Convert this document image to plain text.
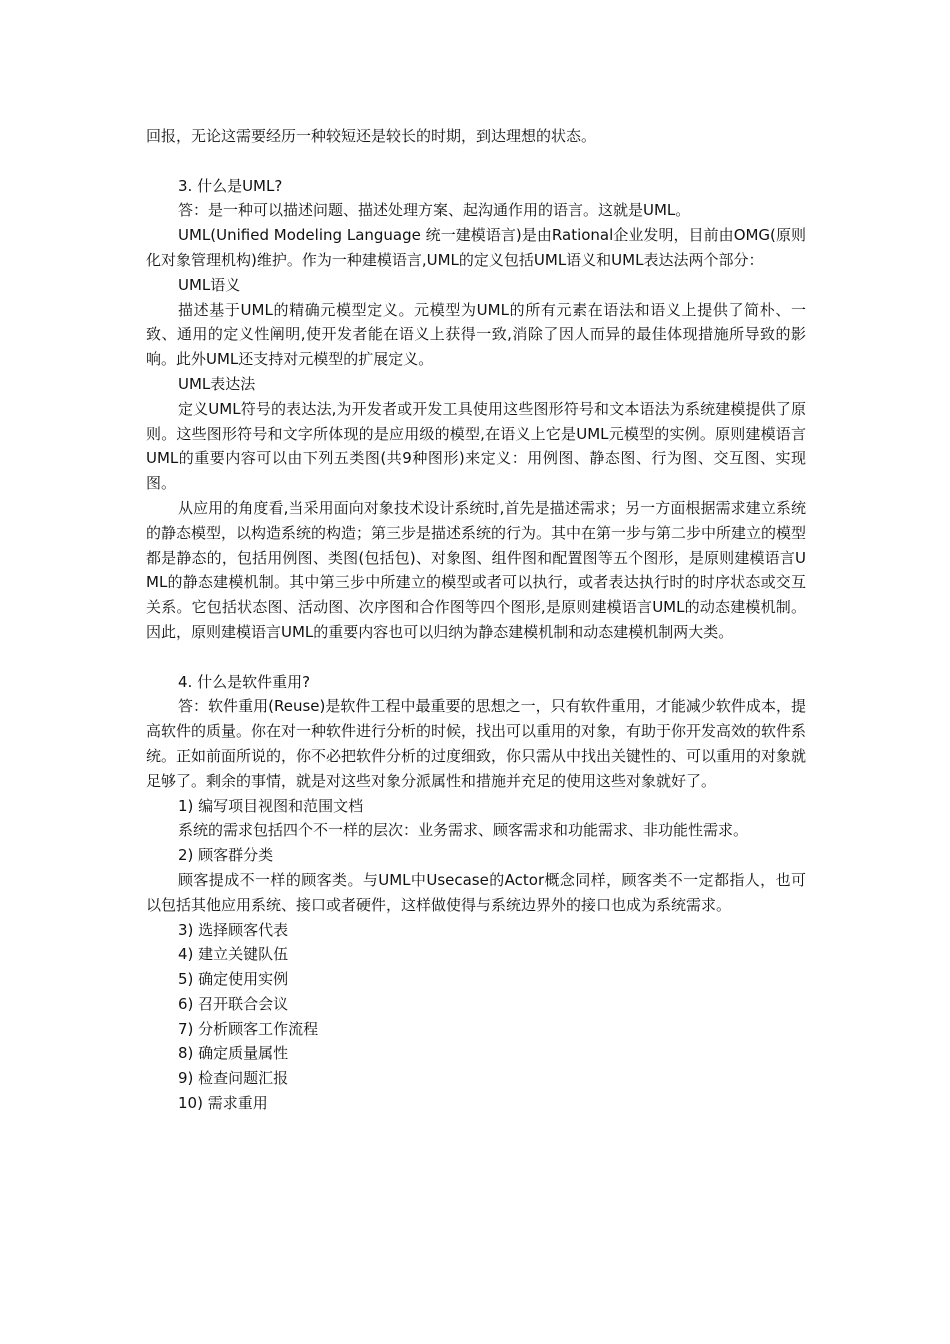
回报，无论这需要经历一种较短还是较长的时期，到达理想的状态。

3. 什么是UML?

答：是一种可以描述问题、描述处理方案、起沟通作用的语言。这就是UML。

UML(Unified Modeling Language 统一建模语言)是由Rational企业发明，目前由OMG(原则化对象管理机构)维护。作为一种建模语言,UML的定义包括UML语义和UML表达法两个部分：

UML语义

描述基于UML的精确元模型定义。元模型为UML的所有元素在语法和语义上提供了简朴、一致、通用的定义性阐明,使开发者能在语义上获得一致,消除了因人而异的最佳体现措施所导致的影响。此外UML还支持对元模型的扩展定义。

UML表达法

定义UML符号的表达法,为开发者或开发工具使用这些图形符号和文本语法为系统建模提供了原则。这些图形符号和文字所体现的是应用级的模型,在语义上它是UML元模型的实例。原则建模语言UML的重要内容可以由下列五类图(共9种图形)来定义：用例图、静态图、行为图、交互图、实现图。

从应用的角度看,当采用面向对象技术设计系统时,首先是描述需求；另一方面根据需求建立系统的静态模型，以构造系统的构造；第三步是描述系统的行为。其中在第一步与第二步中所建立的模型都是静态的，包括用例图、类图(包括包)、对象图、组件图和配置图等五个图形，是原则建模语言UML的静态建模机制。其中第三步中所建立的模型或者可以执行，或者表达执行时的时序状态或交互关系。它包括状态图、活动图、次序图和合作图等四个图形,是原则建模语言UML的动态建模机制。因此，原则建模语言UML的重要内容也可以归纳为静态建模机制和动态建模机制两大类。

4. 什么是软件重用?

答：软件重用(Reuse)是软件工程中最重要的思想之一，只有软件重用，才能减少软件成本，提高软件的质量。你在对一种软件进行分析的时候，找出可以重用的对象，有助于你开发高效的软件系统。正如前面所说的，你不必把软件分析的过度细致，你只需从中找出关键性的、可以重用的对象就足够了。剩余的事情，就是对这些对象分派属性和措施并充足的使用这些对象就好了。

1) 编写项目视图和范围文档

系统的需求包括四个不一样的层次：业务需求、顾客需求和功能需求、非功能性需求。

2) 顾客群分类

顾客提成不一样的顾客类。与UML中Usecase的Actor概念同样，顾客类不一定都指人，也可以包括其他应用系统、接口或者硬件，这样做使得与系统边界外的接口也成为系统需求。

3) 选择顾客代表

4) 建立关键队伍

5) 确定使用实例

6) 召开联合会议

7) 分析顾客工作流程

8) 确定质量属性

9) 检查问题汇报

10) 需求重用
